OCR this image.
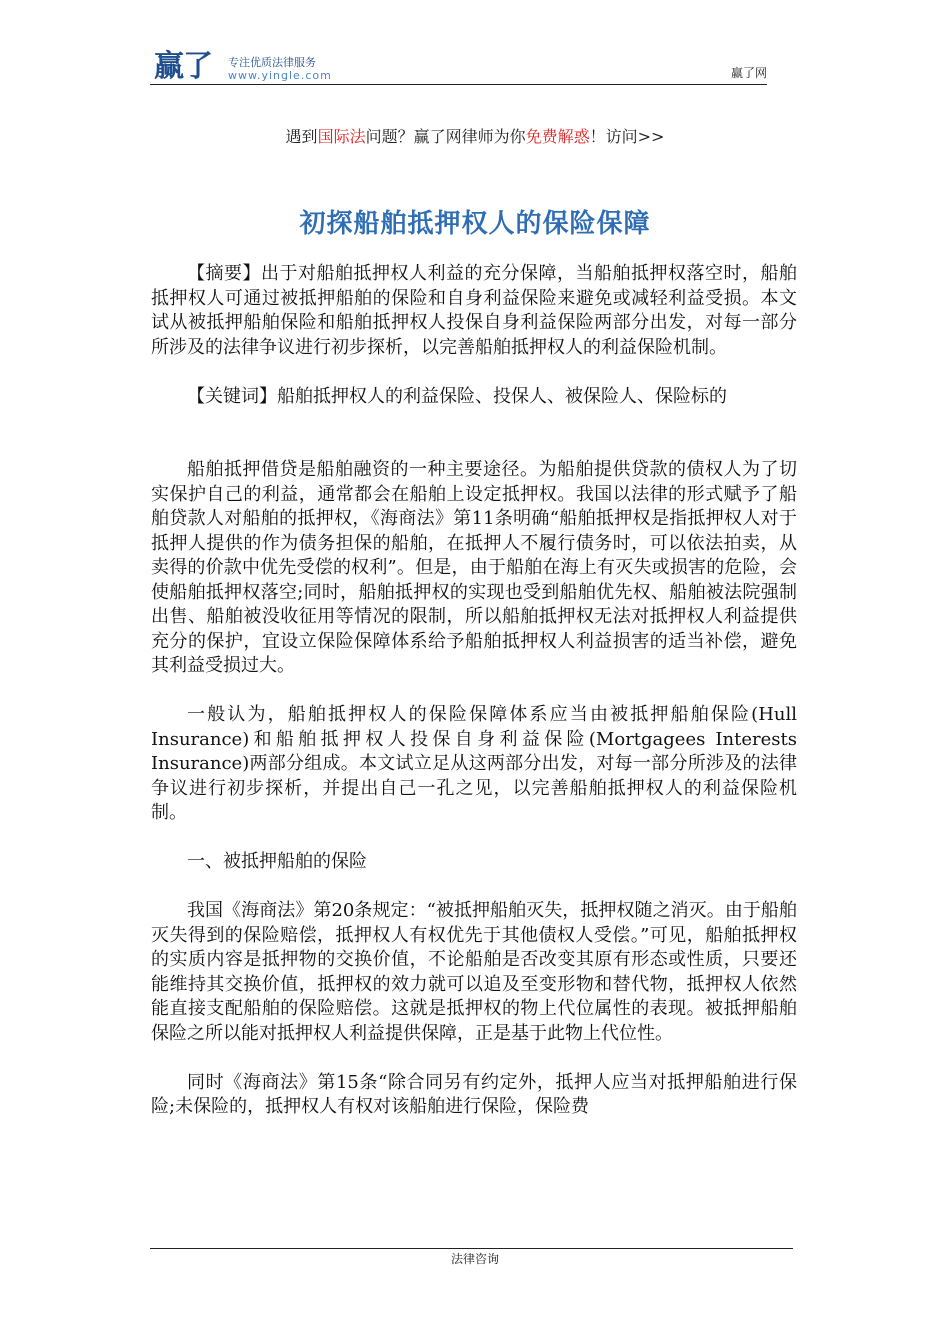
赢了 专注优质法律服务
www.yingle.com	赢了网
遇到国际法问题？赢了网律师为你免费解惑！访问>>
初探船舶抵押权人的保险保障

【摘要】出于对船舶抵押权人利益的充分保障，当船舶抵押权落空时，船舶抵押权人可通过被抵押船舶的保险和自身利益保险来避免或减轻利益受损。本文试从被抵押船舶保险和船舶抵押权人投保自身利益保险两部分出发，对每一部分所涉及的法律争议进行初步探析，以完善船舶抵押权人的利益保险机制。

【关键词】船舶抵押权人的利益保险、投保人、被保险人、保险标的

船舶抵押借贷是船舶融资的一种主要途径。为船舶提供贷款的债权人为了切实保护自己的利益，通常都会在船舶上设定抵押权。我国以法律的形式赋予了船舶贷款人对船舶的抵押权，《海商法》第11条明确“船舶抵押权是指抵押权人对于抵押人提供的作为债务担保的船舶，在抵押人不履行债务时，可以依法拍卖，从卖得的价款中优先受偿的权利”。但是，由于船舶在海上有灭失或损害的危险，会使船舶抵押权落空;同时，船舶抵押权的实现也受到船舶优先权、船舶被法院强制出售、船舶被没收征用等情况的限制，所以船舶抵押权无法对抵押权人利益提供充分的保护，宜设立保险保障体系给予船舶抵押权人利益损害的适当补偿，避免其利益受损过大。

一般认为，船舶抵押权人的保险保障体系应当由被抵押船舶保险(Hull Insurance)和船舶抵押权人投保自身利益保险(Mortgagees Interests Insurance)两部分组成。本文试立足从这两部分出发，对每一部分所涉及的法律争议进行初步探析，并提出自己一孔之见，以完善船舶抵押权人的利益保险机制。

一、被抵押船舶的保险

我国《海商法》第20条规定：“被抵押船舶灭失，抵押权随之消灭。由于船舶灭失得到的保险赔偿，抵押权人有权优先于其他债权人受偿。”可见，船舶抵押权的实质内容是抵押物的交换价值，不论船舶是否改变其原有形态或性质，只要还能维持其交换价值，抵押权的效力就可以追及至变形物和替代物，抵押权人依然能直接支配船舶的保险赔偿。这就是抵押权的物上代位属性的表现。被抵押船舶保险之所以能对抵押权人利益提供保障，正是基于此物上代位性。

同时《海商法》第15条“除合同另有约定外，抵押人应当对抵押船舶进行保险;未保险的，抵押权人有权对该船舶进行保险，保险费

法律咨询
